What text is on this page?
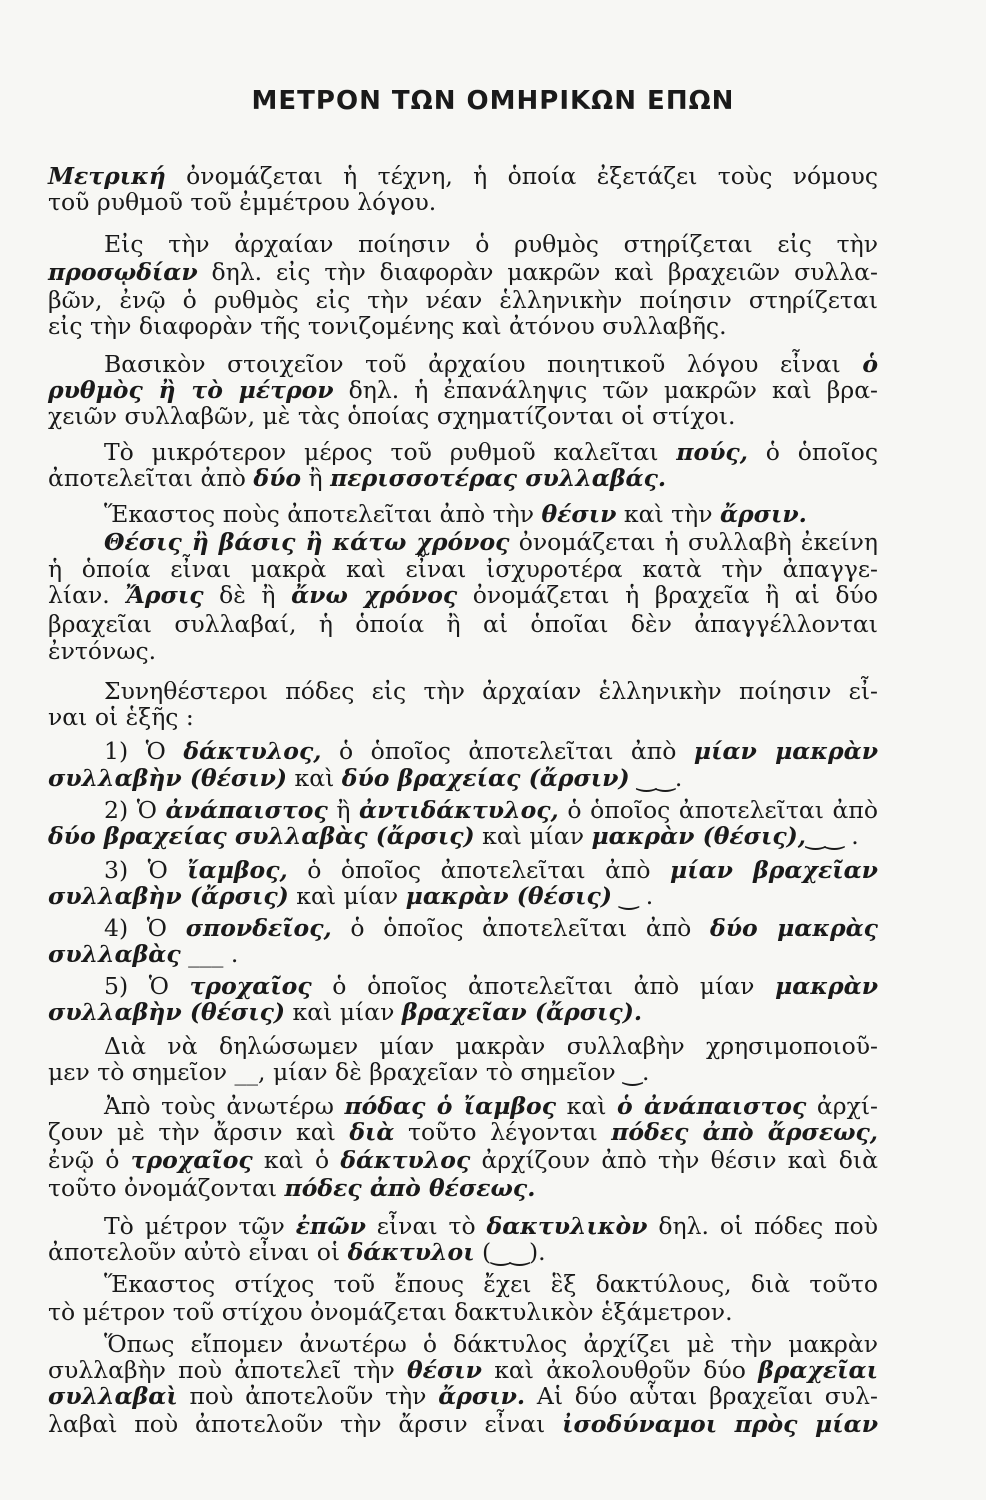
ΜΕΤΡΟΝ ΤΩΝ ΟΜΗΡΙΚΩΝ ΕΠΩΝ
Μετρική ὀνομάζεται ἡ τέχνη, ἡ ὁποία ἐξετάζει τοὺς νόμους
τοῦ ρυθμοῦ τοῦ ἐμμέτρου λόγου.
Εἰς τὴν ἀρχαίαν ποίησιν ὁ ρυθμὸς στηρίζεται εἰς τὴν
προσῳδίαν δηλ. εἰς τὴν διαφορὰν μακρῶν καὶ βραχειῶν συλλα-
βῶν, ἐνῷ ὁ ρυθμὸς εἰς τὴν νέαν ἑλληνικὴν ποίησιν στηρίζεται
εἰς τὴν διαφορὰν τῆς τονιζομένης καὶ ἀτόνου συλλαβῆς.
Βασικὸν στοιχεῖον τοῦ ἀρχαίου ποιητικοῦ λόγου εἶναι ὁ
ρυθμὸς ἢ τὸ μέτρον δηλ. ἡ ἐπανάληψις τῶν μακρῶν καὶ βρα-
χειῶν συλλαβῶν, μὲ τὰς ὁποίας σχηματίζονται οἱ στίχοι.
Τὸ μικρότερον μέρος τοῦ ρυθμοῦ καλεῖται πούς, ὁ ὁποῖος
ἀποτελεῖται ἀπὸ δύο ἢ περισσοτέρας συλλαβάς.
Ἕκαστος ποὺς ἀποτελεῖται ἀπὸ τὴν θέσιν καὶ τὴν ἄρσιν.
Θέσις ἢ βάσις ἢ κάτω χρόνος ὀνομάζεται ἡ συλλαβὴ ἐκείνη
ἡ ὁποία εἶναι μακρὰ καὶ εἶναι ἰσχυροτέρα κατὰ τὴν ἀπαγγε-
λίαν. Ἄρσις δὲ ἢ ἄνω χρόνος ὀνομάζεται ἡ βραχεῖα ἢ αἱ δύο
βραχεῖαι συλλαβαί, ἡ ὁποία ἢ αἱ ὁποῖαι δὲν ἀπαγγέλλονται
ἐντόνως.
Συνηθέστεροι πόδες εἰς τὴν ἀρχαίαν ἑλληνικὴν ποίησιν εἶ-
ναι οἱ ἑξῆς :
1) Ὁ δάκτυλος, ὁ ὁποῖος ἀποτελεῖται ἀπὸ μίαν μακρὰν
συλλαβὴν (θέσιν) καὶ δύο βραχείας (ἄρσιν) ‿‿.
2) Ὁ ἀνάπαιστος ἢ ἀντιδάκτυλος, ὁ ὁποῖος ἀποτελεῖται ἀπὸ
δύο βραχείας συλλαβὰς (ἄρσις) καὶ μίαν μακρὰν (θέσις),‿‿ .
3) Ὁ ἴαμβος, ὁ ὁποῖος ἀποτελεῖται ἀπὸ μίαν βραχεῖαν
συλλαβὴν (ἄρσις) καὶ μίαν μακρὰν (θέσις) ‿ .
4) Ὁ σπονδεῖος, ὁ ὁποῖος ἀποτελεῖται ἀπὸ δύο μακρὰς
συλλαβὰς ___ .
5) Ὁ τροχαῖος ὁ ὁποῖος ἀποτελεῖται ἀπὸ μίαν μακρὰν
συλλαβὴν (θέσις) καὶ μίαν βραχεῖαν (ἄρσις).
Διὰ νὰ δηλώσωμεν μίαν μακρὰν συλλαβὴν χρησιμοποιοῦ-
μεν τὸ σημεῖον __, μίαν δὲ βραχεῖαν τὸ σημεῖον ‿.
Ἀπὸ τοὺς ἀνωτέρω πόδας ὁ ἴαμβος καὶ ὁ ἀνάπαιστος ἀρχί-
ζουν μὲ τὴν ἄρσιν καὶ διὰ τοῦτο λέγονται πόδες ἀπὸ ἄρσεως,
ἐνῷ ὁ τροχαῖος καὶ ὁ δάκτυλος ἀρχίζουν ἀπὸ τὴν θέσιν καὶ διὰ
τοῦτο ὀνομάζονται πόδες ἀπὸ θέσεως.
Τὸ μέτρον τῶν ἐπῶν εἶναι τὸ δακτυλικὸν δηλ. οἱ πόδες ποὺ
ἀποτελοῦν αὐτὸ εἶναι οἱ δάκτυλοι (‿‿).
Ἕκαστος στίχος τοῦ ἔπους ἔχει ἓξ δακτύλους, διὰ τοῦτο
τὸ μέτρον τοῦ στίχου ὀνομάζεται δακτυλικὸν ἑξάμετρον.
Ὅπως εἴπομεν ἀνωτέρω ὁ δάκτυλος ἀρχίζει μὲ τὴν μακρὰν
συλλαβὴν ποὺ ἀποτελεῖ τὴν θέσιν καὶ ἀκολουθοῦν δύο βραχεῖαι
συλλαβαὶ ποὺ ἀποτελοῦν τὴν ἄρσιν. Αἱ δύο αὗται βραχεῖαι συλ-
λαβαὶ ποὺ ἀποτελοῦν τὴν ἄρσιν εἶναι ἰσοδύναμοι πρὸς μίαν
